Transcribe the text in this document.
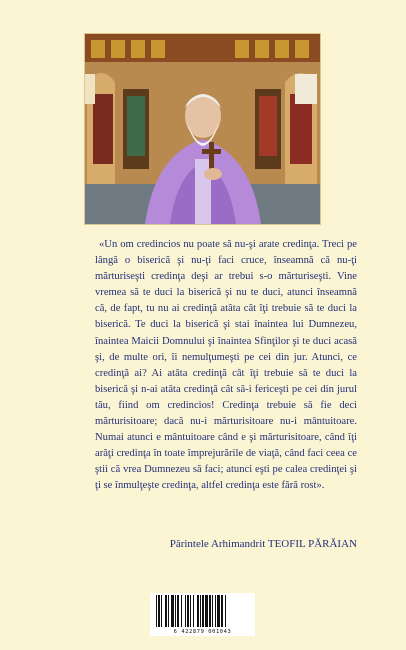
«Un om credincios nu poate să nu-şi arate credinţa. Treci pe lângă o biserică şi nu-ţi faci cruce, înseamnă că nu-ţi mărturiseşti credinţa deşi ar trebui s-o mărturiseşti. Vine vremea să te duci la biserică şi nu te duci, atunci înseamnă că, de fapt, tu nu ai credinţă atâta cât îţi trebuie să te duci la biserică. Te duci la biserică şi stai înaintea lui Dumnezeu, înaintea Maicii Domnului şi înaintea Sfinţilor şi te duci acasă şi, de multe ori, îi nemulţumeşti pe cei din jur. Atunci, ce credinţă ai? Ai atâta credinţă cât îţi trebuie să te duci la biserică şi n-ai atâta credinţă cât să-i fericeşti pe cei din jurul tău, fiind om credincios! Credinţa trebuie să fie deci mărturisitoare; dacă nu-i mărturisitoare nu-i mântuitoare. Numai atunci e mântuitoare când e şi mărturisitoare, când îţi arăţi credinţa în toate împrejurările de viaţă, când faci ceea ce ştii că vrea Dumnezeu să faci; atunci eşti pe calea credinţei şi ţi se înmulţeşte credinţa, altfel credinţa este fără rost».

Părintele Arhimandrit TEOFIL PĂRĂIAN

6 422879 001043
